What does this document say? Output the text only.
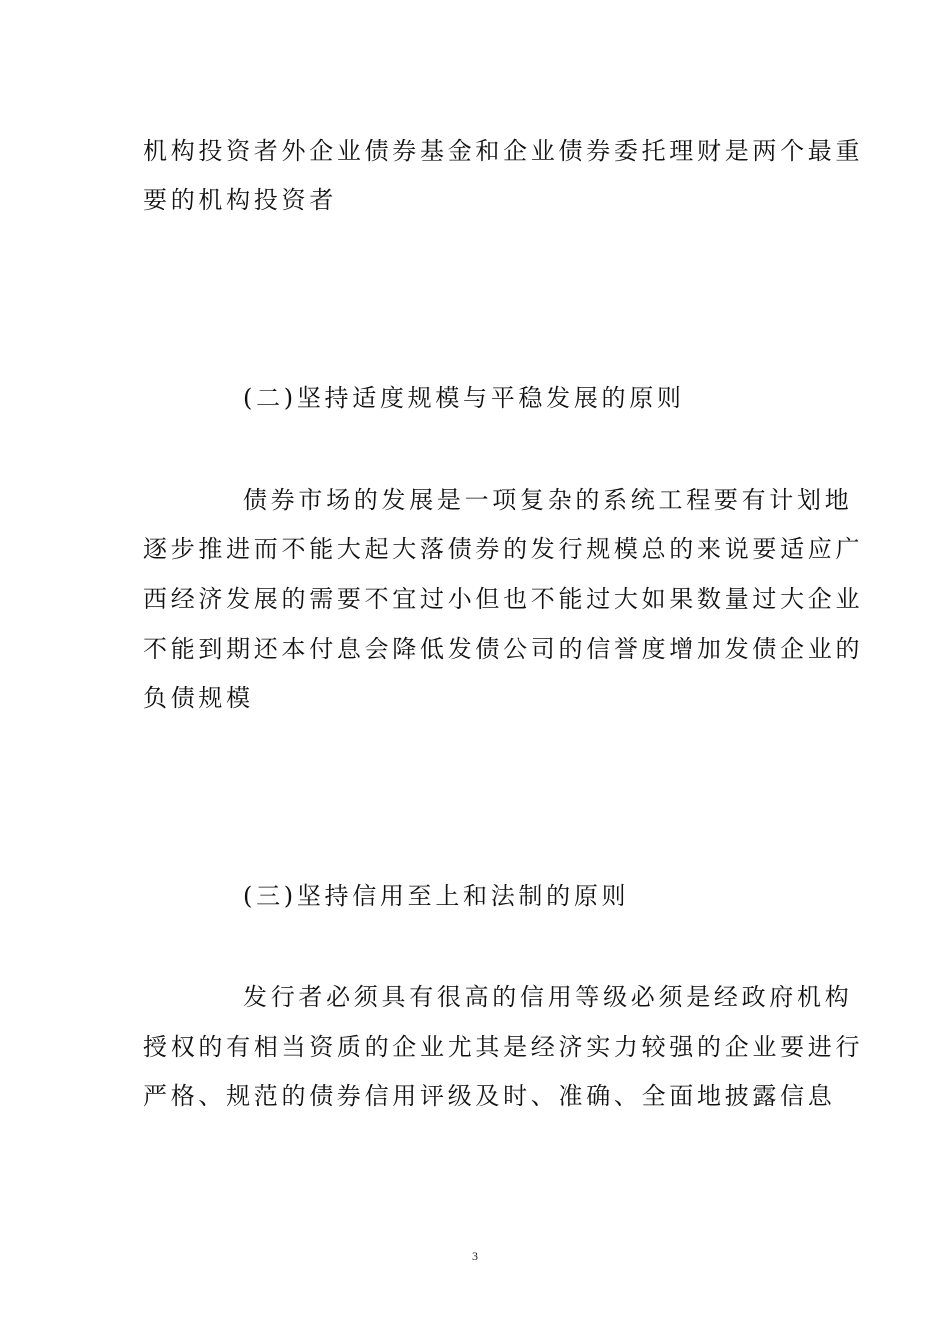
机构投资者外企业债券基金和企业债券委托理财是两个最重

要的机构投资者

(二)坚持适度规模与平稳发展的原则

债券市场的发展是一项复杂的系统工程要有计划地

逐步推进而不能大起大落债券的发行规模总的来说要适应广

西经济发展的需要不宜过小但也不能过大如果数量过大企业

不能到期还本付息会降低发债公司的信誉度增加发债企业的

负债规模

(三)坚持信用至上和法制的原则

发行者必须具有很高的信用等级必须是经政府机构

授权的有相当资质的企业尤其是经济实力较强的企业要进行

严格、规范的债券信用评级及时、准确、全面地披露信息

3
